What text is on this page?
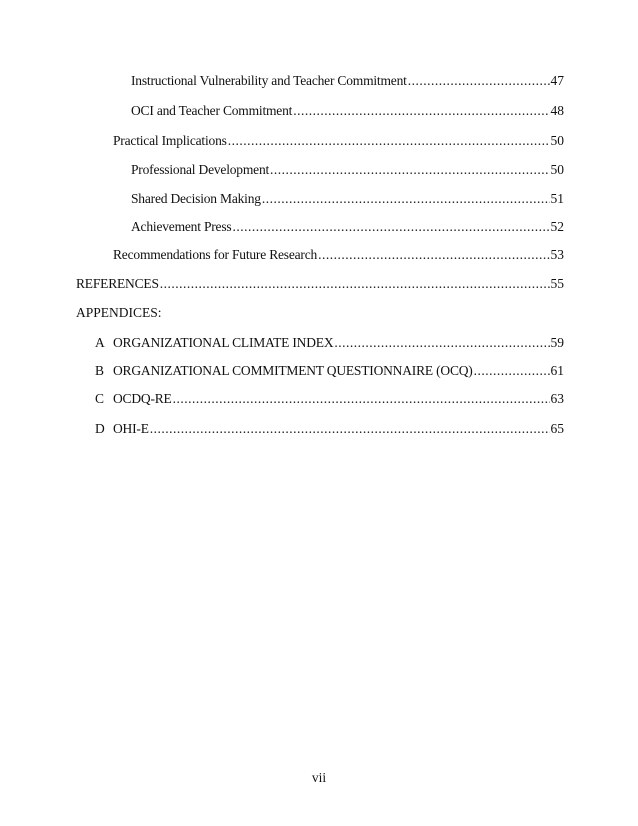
Instructional Vulnerability and Teacher Commitment .....	47
OCI and Teacher Commitment .....	48
Practical Implications .....	50
Professional Development .....	50
Shared Decision Making .....	51
Achievement Press .....	52
Recommendations for Future Research .....	53
REFERENCES .....	55
APPENDICES:
A ORGANIZATIONAL CLIMATE INDEX .....	59
B ORGANIZATIONAL COMMITMENT QUESTIONNAIRE (OCQ) .....	61
C OCDQ-RE .....	63
D OHI-E .....	65
vii
